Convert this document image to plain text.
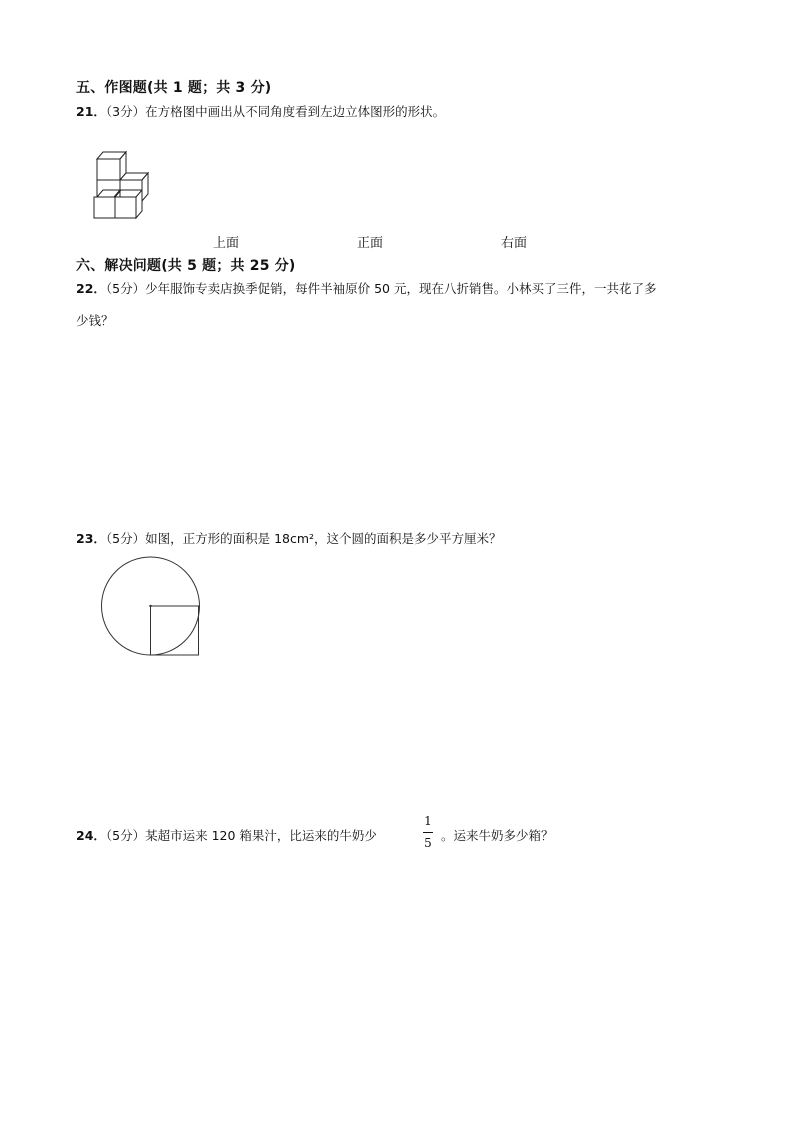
五、作图题(共 1 题；共 3 分)
21．（3分）在方格图中画出从不同角度看到左边立体图形的形状。
上面	正面	右面
六、解决问题(共 5 题；共 25 分)
22．（5分）少年服饰专卖店换季促销，每件半袖原价 50 元，现在八折销售。小林买了三件，一共花了多
少钱？
23．（5分）如图，正方形的面积是 18cm²，这个圆的面积是多少平方厘米？
24．（5分）某超市运来 120 箱果汁，比运来的牛奶少
1
5 。运来牛奶多少箱？
